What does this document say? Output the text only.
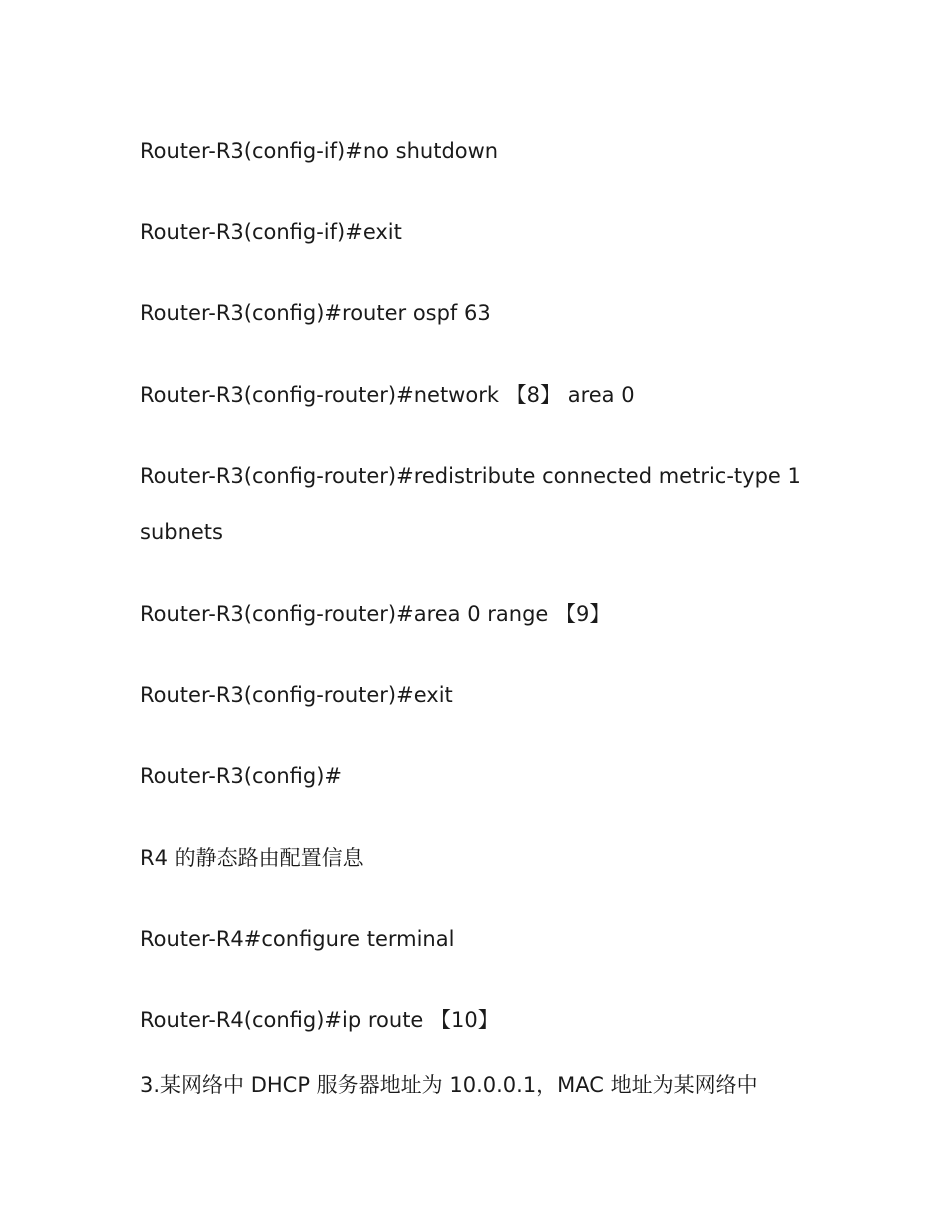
Router-R3(config-if)#no shutdown
Router-R3(config-if)#exit
Router-R3(config)#router ospf 63
Router-R3(config-router)#network 【8】 area 0
Router-R3(config-router)#redistribute connected metric-type 1
subnets
Router-R3(config-router)#area 0 range 【9】
Router-R3(config-router)#exit
Router-R3(config)#
R4 的静态路由配置信息
Router-R4#configure terminal
Router-R4(config)#ip route 【10】
3.某网络中 DHCP 服务器地址为 10.0.0.1，MAC 地址为某网络中
